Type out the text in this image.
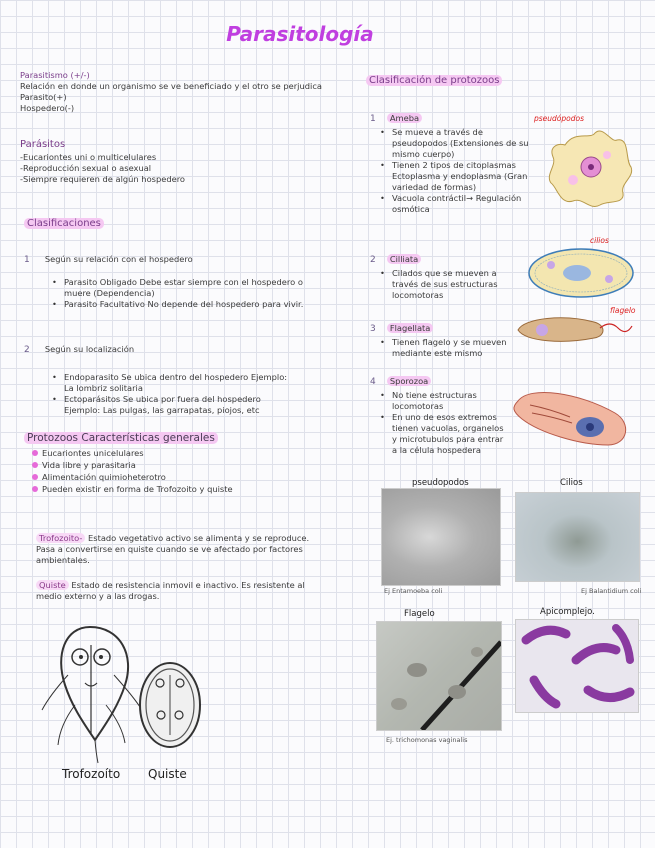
Parasitología
Parasitismo (+/-)
Relación en donde un organismo se ve beneficiado y el otro se perjudica
Parasito(+)
Hospedero(-)
Parásitos
-Eucariontes uni o multicelulares
-Reproducción sexual o asexual
-Siempre requieren de algún hospedero
Clasificaciones
1 Según su relación con el hospedero
• Parasito Obligado Debe estar siempre con el hospedero o muere (Dependencia)
• Parasito Facultativo No depende del hospedero para vivir.
2 Según su localización
• Endoparasito Se ubica dentro del hospedero Ejemplo: La lombriz solitaria
• Ectoparásitos Se ubica por fuera del hospedero Ejemplo: Las pulgas, las garrapatas, piojos, etc
Protozoos Características generales
Eucariontes unicelulares
Vida libre y parasitaria
Alimentación quimioheterotro
Pueden existir en forma de Trofozoito y quiste
Trofozoito- Estado vegetativo activo se alimenta y se reproduce. Pasa a convertirse en quiste cuando se ve afectado por factores ambientales.
Quiste Estado de resistencia inmovil e inactivo. Es resistente al medio externo y a las drogas.
Trofozoíto Quiste
Clasificación de protozoos
1 Ameba
• Se mueve a través de pseudopodos (Extensiones de su mismo cuerpo)
• Tienen 2 tipos de citoplasmas Ectoplasma y endoplasma (Gran variedad de formas)
• Vacuola contráctil→ Regulación osmótica
pseudópodos
2 Cilliata
• Cilados que se mueven a través de sus estructuras locomotoras
cilios
3 Flagellata
• Tienen flagelo y se mueven mediante este mismo
flagelo
4 Sporozoa
• No tiene estructuras locomotoras
• En uno de esos extremos tienen vacuolas, organelos y microtubulos para entrar a la célula hospedera
pseudopodos
Ej Entamoeba coli
Cilios
Ej Balantidium coli
Flagelo
Ej. trichomonas vaginalis
Apicomplejo.
